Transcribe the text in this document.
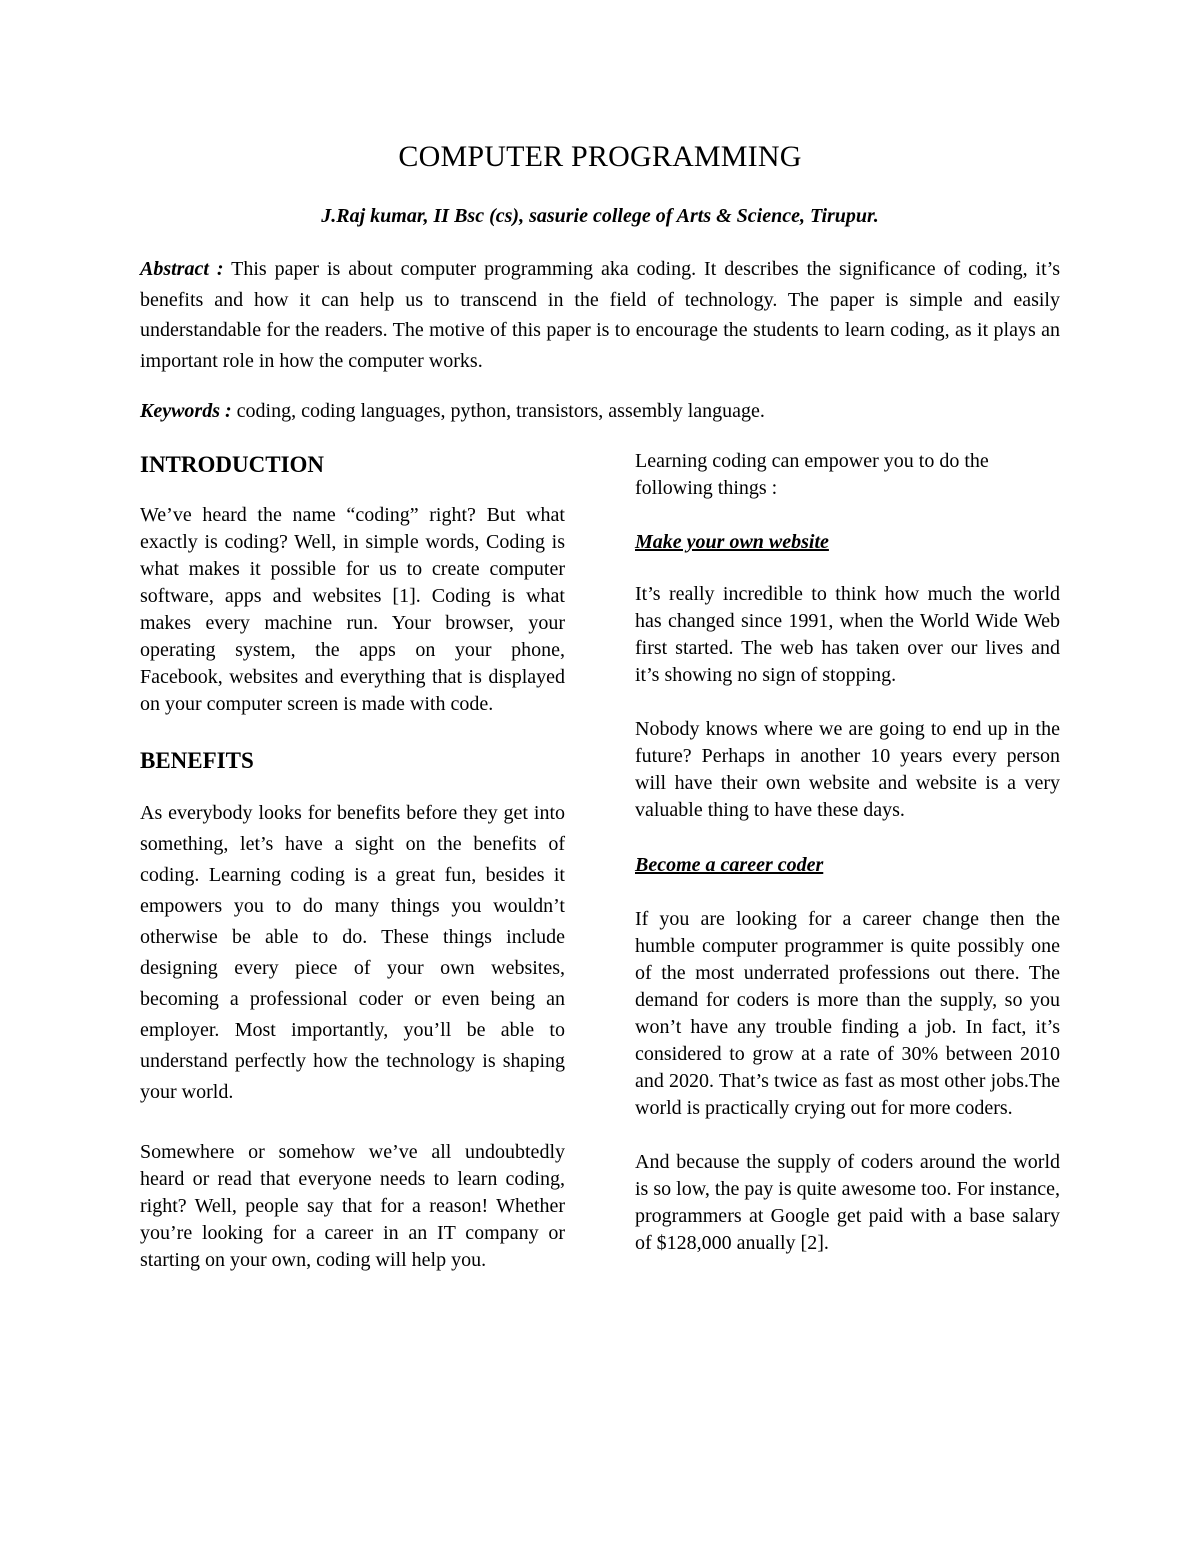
COMPUTER PROGRAMMING

J.Raj kumar, II Bsc (cs), sasurie college of Arts & Science, Tirupur.

Abstract : This paper is about computer programming aka coding. It describes the significance of coding, it’s benefits and how it can help us to transcend in the field of technology. The paper is simple and easily understandable for the readers. The motive of this paper is to encourage the students to learn coding, as it plays an important role in how the computer works.

Keywords : coding, coding languages, python, transistors, assembly language.

INTRODUCTION

We’ve heard the name “coding” right? But what exactly is coding? Well, in simple words, Coding is what makes it possible for us to create computer software, apps and websites [1]. Coding is what makes every machine run. Your browser, your operating system, the apps on your phone, Facebook, websites and everything that is displayed on your computer screen is made with code.

BENEFITS

As everybody looks for benefits before they get into something, let’s have a sight on the benefits of coding. Learning coding is a great fun, besides it empowers you to do many things you wouldn’t otherwise be able to do. These things include designing every piece of your own websites, becoming a professional coder or even being an employer. Most importantly, you’ll be able to understand perfectly how the technology is shaping your world.

Somewhere or somehow we’ve all undoubtedly heard or read that everyone needs to learn coding, right? Well, people say that for a reason! Whether you’re looking for a career in an IT company or starting on your own, coding will help you.

Learning coding can empower you to do the following things :

Make your own website

It’s really incredible to think how much the world has changed since 1991, when the World Wide Web first started. The web has taken over our lives and it’s showing no sign of stopping.

Nobody knows where we are going to end up in the future? Perhaps in another 10 years every person will have their own website and website is a very valuable thing to have these days.

Become a career coder

If you are looking for a career change then the humble computer programmer is quite possibly one of the most underrated professions out there. The demand for coders is more than the supply, so you won’t have any trouble finding a job. In fact, it’s considered to grow at a rate of 30% between 2010 and 2020. That’s twice as fast as most other jobs.The world is practically crying out for more coders.

And because the supply of coders around the world is so low, the pay is quite awesome too. For instance, programmers at Google get paid with a base salary of $128,000 anually [2].
